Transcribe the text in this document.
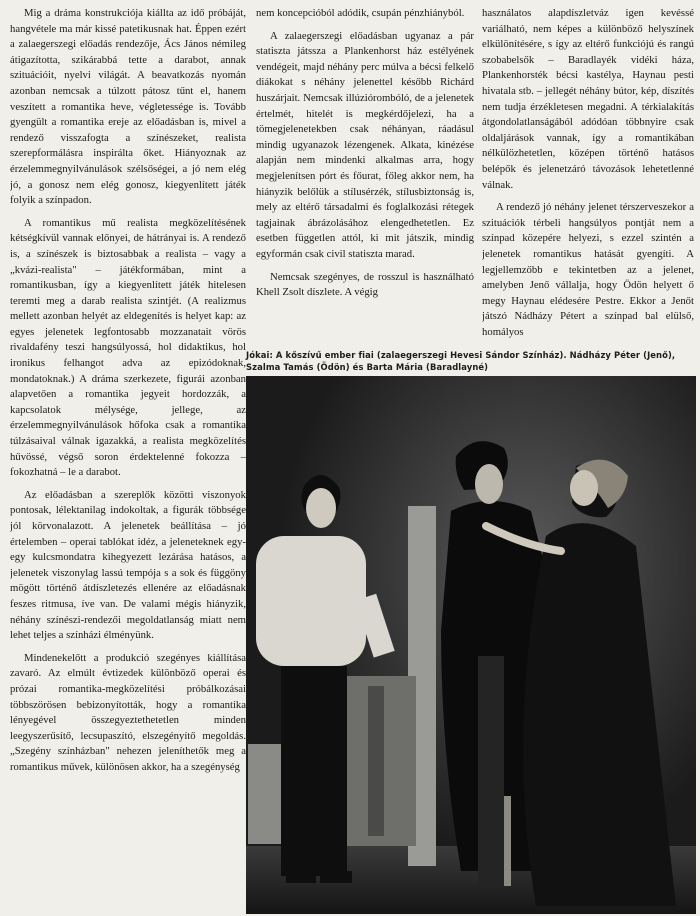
Mig a dráma konstrukciója kiállta az idő próbáját, hangvétele ma már kissé patetikusnak hat. Éppen ezért a zalaegerszegi előadás rendezője, Ács János némileg átigazította, szikárabbá tette a darabot, annak szituációit, nyelvi világát. A beavatkozás nyomán azonban nemcsak a túlzott pátosz tűnt el, hanem veszített a romantika heve, végletessége is. Tovább gyengült a romantika ereje az előadásban is, mivel a rendező visszafogta a színészeket, realista szerepformálásra inspirálta őket. Hiányoznak az érzelemmegnyilvánulások szélsőségei, a jó nem elég jó, a gonosz nem elég gonosz, kiegyenlített játék folyik a színpadon.

A romantikus mű realista megközelítésének kétségkívül vannak előnyei, de hátrányai is. A rendező is, a színészek is biztosabbak a realista – vagy a „kvázi-realista" – játékformában, mint a romantikusban, így a kiegyenlített játék hitelesen teremti meg a darab realista szintjét. (A realizmus mellett azonban helyét az eldegenítés is helyet kap: az egyes jelenetek legfontosabb mozzanatait vörös rivaldafény teszi hangsúlyossá, hol didaktikus, hol ironikus felhangot adva az epizódoknak, mondatoknak.) A dráma szerkezete, figurái azonban alapvetően a romantika jegyeit hordozzák, a kapcsolatok mélysége, jellege, az érzelemmegnyilvánulások hőfoka csak a romantika túlzásaival válnak igazakká, a realista megközelítés hűvössé, végső soron érdektelenné fokozza – fokozhatná – le a darabot.

Az előadásban a szereplők közötti viszonyok pontosak, lélektanilag indokoltak, a figurák többsége jól körvonalazott. A jelenetek beállítása – jó értelemben – operai tablókat idéz, a jeleneteknek egy-egy kulcsmondatra kihegyezett lezárása hatásos, a jelenetek viszonylag lassú tempója s a sok és függöny mögött történő átdíszletezés ellenére az előadásnak feszes ritmusa, íve van. De valami mégis hiányzik, néhány színészi-rendezői megoldatlanság miatt nem lehet teljes a színházi élményünk.

Mindenekelőtt a produkció szegényes kiállítása zavaró. Az elmúlt évtizedek különböző operai és prózai romantika-megközelítési próbálkozásai többszörösen bebizonyították, hogy a romantika lényegével összegyeztethetetlen minden leegyszerűsítő, lecsupaszító, elszegényítő megoldás. „Szegény színházban" nehezen jeleníthetők meg a romantikus művek, különösen akkor, ha a szegénység

nem koncepcióból adódik, csupán pénzhiányból.

A zalaegerszegi előadásban ugyanaz a pár statiszta játssza a Plankenhorst ház estélyének vendégeit, majd néhány perc múlva a bécsi felkelő diákokat s néhány jelenettel később Richárd huszárjait. Nemcsak illúziórombóló, de a jelenetek értelmét, hitelét is megkérdőjelezi, ha a tömegjelenetekben csak néhányan, ráadásul mindig ugyanazok lézengenek. Alkata, kinézése alapján nem mindenki alkalmas arra, hogy megjelenítsen pórt és főurat, főleg akkor nem, ha hiányzik belőlük a stílusérzék, stílusbiztonság is, mely az eltérő társadalmi és foglalkozási rétegek tagjainak ábrázolásához elengedhetetlen. Ez esetben független attól, ki mit játszik, mindig egyformán csak civil statiszta marad.

Nemcsak szegényes, de rosszul is használható Khell Zsolt díszlete. A végig

használatos alapdíszletváz igen kevéssé variálható, nem képes a különböző helyszínek elkülönítésére, s így az eltérő funkciójú és rangú szobabelsők – Baradlayék vidéki háza, Plankenhorsték bécsi kastélya, Haynau pesti hivatala stb. – jellegét néhány bútor, kép, díszítés nem tudja érzékletesen megadni. A térkialakítás átgondolatlanságából adódóan többnyire csak oldaljárások vannak, így a romantikában nélkülözhetetlen, középen történő hatásos belépők és jelenetzáró távozások lehetetlenné válnak.

A rendező jó néhány jelenet térszerveszekor a szituációk térbeli hangsúlyos pontját nem a színpad közepére helyezi, s ezzel szintén a jelenetek romantikus hatását gyengíti. A legjellemzőbb e tekintetben az a jelenet, amelyben Jenő vállalja, hogy Ödön helyett ő megy Haynau elédesére Pestre. Ekkor a Jenőt játszó Nádházy Pétert a színpad bal elülső, homályos

Jókai: A kőszívű ember fiai (zalaegerszegi Hevesi Sándor Színház). Nádházy Péter (Jenő), Szalma Tamás (Ödön) és Barta Mária (Baradlayné)
